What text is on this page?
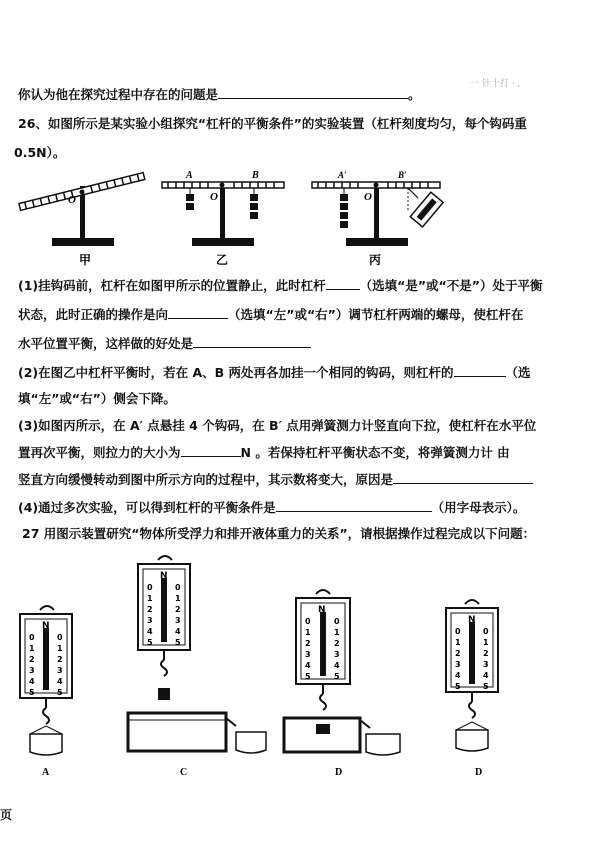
一 针十打 · ,
你认为他在探究过程中存在的问题是	。
26、如图所示是某实验小组探究“杠杆的平衡条件”的实验装置（杠杆刻度均匀，每个钩码重
0.5N）。
O
甲
O
A	B
乙
O
A′	B′
丙
(1)挂钩码前，杠杆在如图甲所示的位置静止，此时杠杆	（选填“是”或“不是”）处于平衡
状态，此时正确的操作是向	（选填“左”或“右”）调节杠杆两端的螺母，使杠杆在
水平位置平衡，这样做的好处是
(2)在图乙中杠杆平衡时，若在 A、B 两处再各加挂一个相同的钩码，则杠杆的	（选
填“左”或“右”）侧会下降。
(3)如图丙所示，在 A′ 点悬挂 4 个钩码，在 B′ 点用弹簧测力计竖直向下拉，使杠杆在水平位
置再次平衡，则拉力的大小为	N 。若保持杠杆平衡状态不变，将弹簧测力计 由
竖直方向缓慢转动到图中所示方向的过程中，其示数将变大，原因是
(4)通过多次实验，可以得到杠杆的平衡条件是	（用字母表示）。
27 用图示装置研究“物体所受浮力和排开液体重力的关系”，请根据操作过程完成以下问题：
N
A
0	0
1	1
2	2
3	3
4	4
5	5
N
C
0	0
1	1
2	2
3	3
4	4
5	5
N
D
0	0
1	1
2	2
3	3
4	4
5	5
N
D
0	0
1	1
2	2
3	3
4	4
5	5
页
